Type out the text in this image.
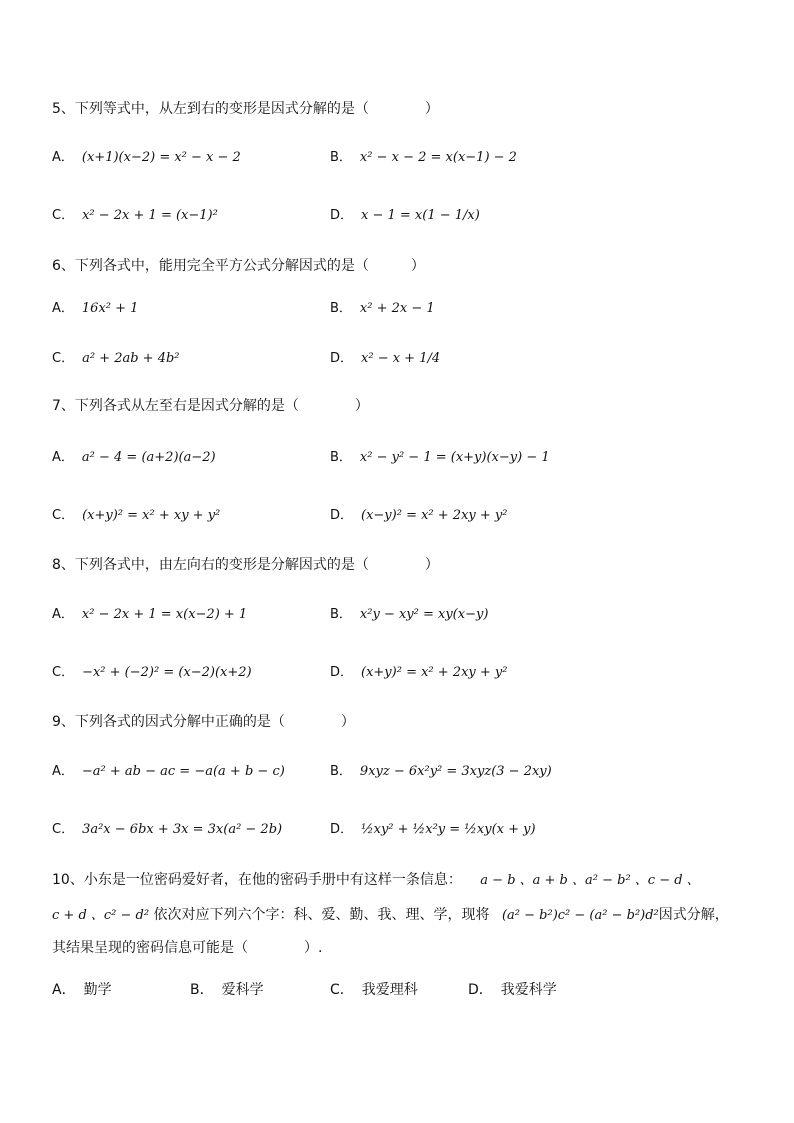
5、下列等式中，从左到右的变形是因式分解的是（　　　　）
A． (x+1)(x−2) = x² − x − 2	B． x² − x − 2 = x(x−1) − 2
C． x² − 2x + 1 = (x−1)²	D． x − 1 = x(1 − 1/x)
6、下列各式中，能用完全平方公式分解因式的是（　　　）
A． 16x² + 1	B． x² + 2x − 1
C． a² + 2ab + 4b²	D． x² − x + 1/4
7、下列各式从左至右是因式分解的是（　　　　）
A． a² − 4 = (a+2)(a−2)	B． x² − y² − 1 = (x+y)(x−y) − 1
C． (x+y)² = x² + xy + y²	D． (x−y)² = x² + 2xy + y²
8、下列各式中，由左向右的变形是分解因式的是（　　　　）
A． x² − 2x + 1 = x(x−2) + 1	B． x²y − xy² = xy(x−y)
C． −x² + (−2)² = (x−2)(x+2)	D． (x+y)² = x² + 2xy + y²
9、下列各式的因式分解中正确的是（　　　　）
A． −a² + ab − ac = −a(a + b − c)	B． 9xyz − 6x²y² = 3xyz(3 − 2xy)
C． 3a²x − 6bx + 3x = 3x(a² − 2b)	D． ½xy² + ½x²y = ½xy(x + y)
10、小东是一位密码爱好者，在他的密码手册中有这样一条信息： a − b 、a + b 、a² − b² 、c − d 、
c + d 、c² − d² 依次对应下列六个字：科、爱、勤、我、理、学，现将 (a² − b²)c² − (a² − b²)d²因式分解，
其结果呈现的密码信息可能是（　　　　）.
A． 勤学	B． 爱科学	C． 我爱理科	D． 我爱科学
